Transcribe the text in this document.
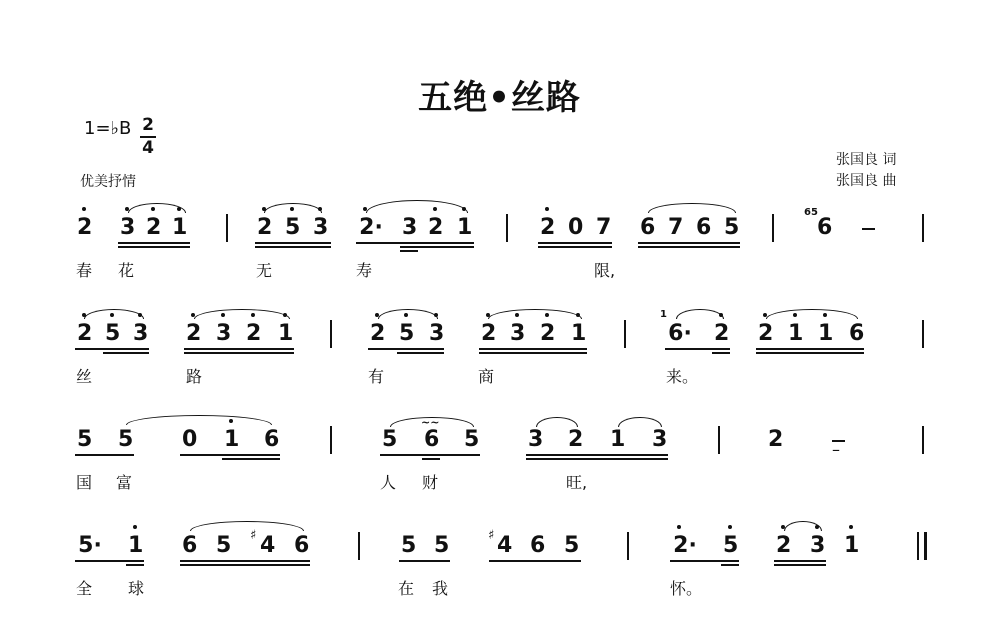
五绝•丝路
1=♭B 2
4
优美抒情
张国良 词
张国良 曲
2 3 2 1	2 5 3 2· 3 2 1	2 0 7 6 7 6 5
65
6
春 花	无	寿	限,
2 5 3 2 3 2 1	2 5 3 2 3 2 1
1
6· 2 2 1 1 6
丝	路	有	商	来。
5 5 0 1 6	5
~~
6 5 3 2 1 3	2	–
国 富	人 财	旺,
5· 1 6 5 ♯ 4 6	5 5	♯ 4 6 5	2· 5 2 3 1
全 球	在 我	怀。
